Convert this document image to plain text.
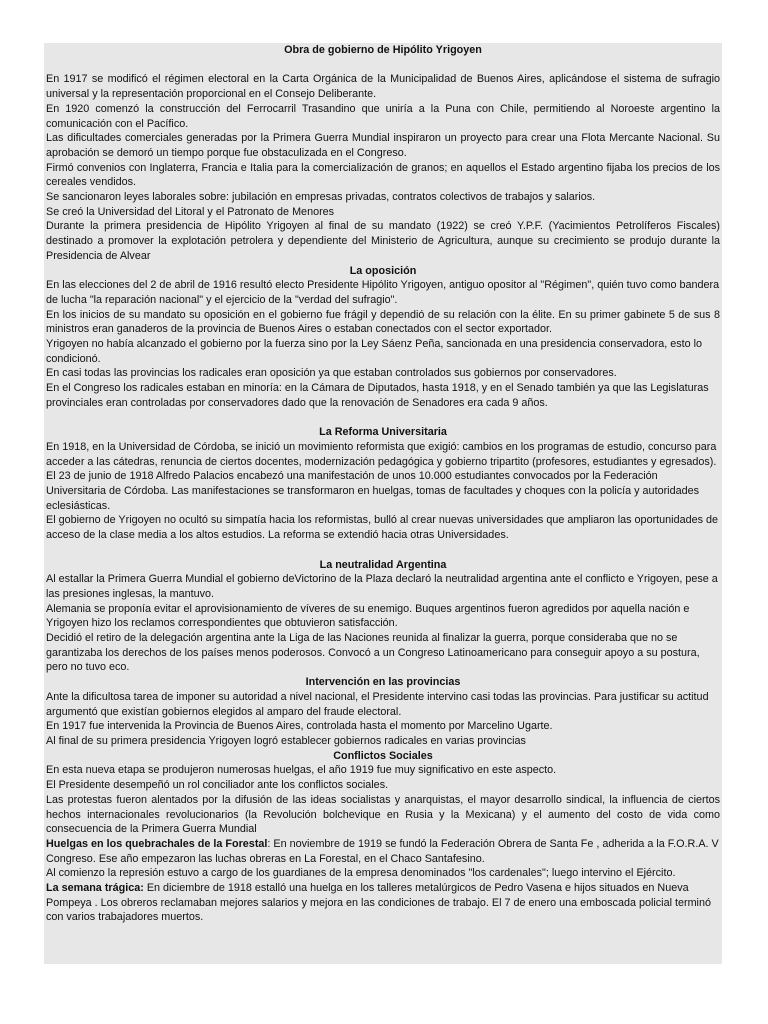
Obra de gobierno de Hipólito Yrigoyen

En 1917 se modificó el régimen electoral en la Carta Orgánica de la Municipalidad de Buenos Aires, aplicándose el sistema de sufragio universal y la representación proporcional en el Consejo Deliberante.

En 1920 comenzó la construcción del Ferrocarril Trasandino que uniría a la Puna con Chile, permitiendo al Noroeste argentino la comunicación con el Pacífico.

Las dificultades comerciales generadas por la Primera Guerra Mundial inspiraron un proyecto para crear una Flota Mercante Nacional. Su aprobación se demoró un tiempo porque fue obstaculizada en el Congreso.

Firmó convenios con Inglaterra, Francia e Italia para la comercialización de granos; en aquellos el Estado argentino fijaba los precios de los cereales vendidos.

Se sancionaron leyes laborales sobre: jubilación en empresas privadas, contratos colectivos de trabajos y salarios.

Se creó la Universidad del Litoral y el Patronato de Menores

Durante la primera presidencia de Hipólito Yrigoyen al final de su mandato (1922) se creó Y.P.F. (Yacimientos Petrolíferos Fiscales) destinado a promover la explotación petrolera y dependiente del Ministerio de Agricultura, aunque su crecimiento se produjo durante la Presidencia de Alvear

La oposición

En las elecciones del 2 de abril de 1916 resultó electo Presidente Hipólito Yrigoyen, antiguo opositor al "Régimen", quién tuvo como bandera de lucha "la reparación nacional" y el ejercicio de la "verdad del sufragio".

En los inicios de su mandato su oposición en el gobierno fue frágil y dependió de su relación con la élite. En su primer gabinete 5 de sus 8 ministros eran ganaderos de la provincia de Buenos Aires o estaban conectados con el sector exportador.

Yrigoyen no había alcanzado el gobierno por la fuerza sino por la Ley Sáenz Peña, sancionada en una presidencia conservadora, esto lo condicionó.

En casi todas las provincias los radicales eran oposición ya que estaban controlados sus gobiernos por conservadores.

En el Congreso los radicales estaban en minoría: en la Cámara de Diputados, hasta 1918, y en el Senado también ya que las Legislaturas provinciales eran controladas por conservadores dado que la renovación de Senadores era cada 9 años.

La Reforma Universitaria

En 1918, en la Universidad de Córdoba, se inició un movimiento reformista que exigió: cambios en los programas de estudio, concurso para acceder a las cátedras, renuncia de ciertos docentes, modernización pedagógica y gobierno tripartito (profesores, estudiantes y egresados).

El 23 de junio de 1918 Alfredo Palacios encabezó una manifestación de unos 10.000 estudiantes convocados por la Federación Universitaria de Córdoba. Las manifestaciones se transformaron en huelgas, tomas de facultades y choques con la policía y autoridades eclesiásticas.

El gobierno de Yrigoyen no ocultó su simpatía hacia los reformistas, bulló al crear nuevas universidades que ampliaron las oportunidades de acceso de la clase media a los altos estudios. La reforma se extendió hacia otras Universidades.

La neutralidad Argentina

Al estallar la Primera Guerra Mundial el gobierno deVictorino de la Plaza declaró la neutralidad argentina ante el conflicto e Yrigoyen, pese a las presiones inglesas, la mantuvo.

Alemania se proponía evitar el aprovisionamiento de víveres de su enemigo. Buques argentinos fueron agredidos por aquella nación e Yrigoyen hizo los reclamos correspondientes que obtuvieron satisfacción.

Decidió el retiro de la delegación argentina ante la Liga de las Naciones reunida al finalizar la guerra, porque consideraba que no se garantizaba los derechos de los países menos poderosos. Convocó a un Congreso Latinoamericano para conseguir apoyo a su postura, pero no tuvo eco.

Intervención en las provincias

Ante la dificultosa tarea de imponer su autoridad a nivel nacional, el Presidente intervino casi todas las provincias. Para justificar su actitud argumentó que existían gobiernos elegidos al amparo del fraude electoral.

En 1917 fue intervenida la Provincia de Buenos Aires, controlada hasta el momento por Marcelino Ugarte.

Al final de su primera presidencia Yrigoyen logró establecer gobiernos radicales en varias provincias

Conflictos Sociales

En esta nueva etapa se produjeron numerosas huelgas, el año 1919 fue muy significativo en este aspecto.

El Presidente desempeñó un rol conciliador ante los conflictos sociales.

Las protestas fueron alentados por la difusión de las ideas socialistas y anarquistas, el mayor desarrollo sindical, la influencia de ciertos hechos internacionales revolucionarios (la Revolución bolchevique en Rusia y la Mexicana) y el aumento del costo de vida como consecuencia de la Primera Guerra Mundial

Huelgas en los quebrachales de la Forestal: En noviembre de 1919 se fundó la Federación Obrera de Santa Fe , adherida a la F.O.R.A. V Congreso. Ese año empezaron las luchas obreras en La Forestal, en el Chaco Santafesino.

Al comienzo la represión estuvo a cargo de los guardianes de la empresa denominados "los cardenales"; luego intervino el Ejército.

La semana trágica: En diciembre de 1918 estalló una huelga en los talleres metalúrgicos de Pedro Vasena e hijos situados en Nueva Pompeya . Los obreros reclamaban mejores salarios y mejora en las condiciones de trabajo. El 7 de enero una emboscada policial terminó con varios trabajadores muertos.
